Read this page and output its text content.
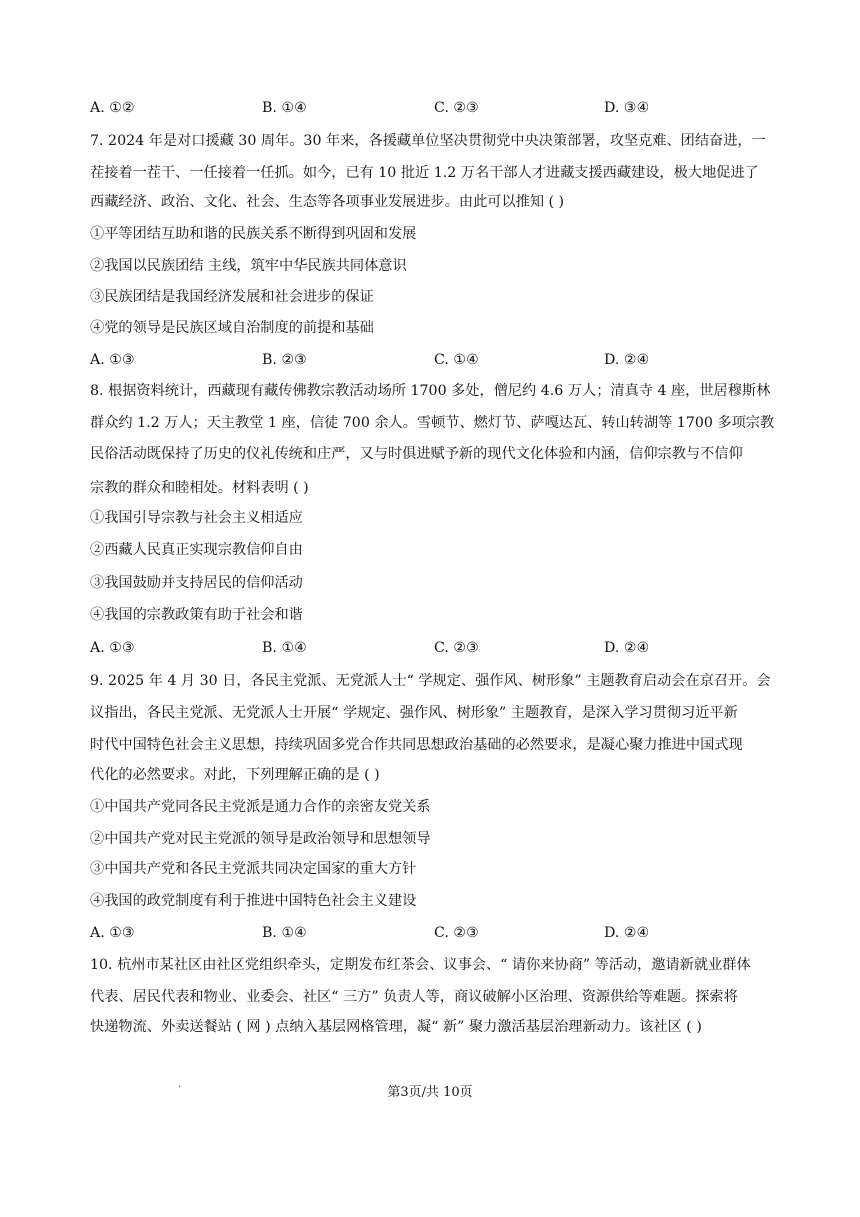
A. ①②	B. ①④	C. ②③	D. ③④
7. 2024 年是对口援藏 30 周年。30 年来，各援藏单位坚决贯彻党中央决策部署，攻坚克难、团结奋进，一
茬接着一茬干、一任接着一任抓。如今，已有 10 批近 1.2 万名干部人才进藏支援西藏建设，极大地促进了
西藏经济、政治、文化、社会、生态等各项事业发展进步。由此可以推知 ( )
①平等团结互助和谐的民族关系不断得到巩固和发展
②我国以民族团结 主线，筑牢中华民族共同体意识
③民族团结是我国经济发展和社会进步的保证
④党的领导是民族区域自治制度的前提和基础
A. ①③	B. ②③	C. ①④	D. ②④
8. 根据资料统计，西藏现有藏传佛教宗教活动场所 1700 多处，僧尼约 4.6 万人；清真寺 4 座，世居穆斯林
群众约 1.2 万人；天主教堂 1 座，信徒 700 余人。雪顿节、燃灯节、萨嘎达瓦、转山转湖等 1700 多项宗教
民俗活动既保持了历史的仪礼传统和庄严，又与时俱进赋予新的现代文化体验和内涵，信仰宗教与不信仰
宗教的群众和睦相处。材料表明 ( )
①我国引导宗教与社会主义相适应
②西藏人民真正实现宗教信仰自由
③我国鼓励并支持居民的信仰活动
④我国的宗教政策有助于社会和谐
A. ①③	B. ①④	C. ②③	D. ②④
9. 2025 年 4 月 30 日，各民主党派、无党派人士“ 学规定、强作风、树形象” 主题教育启动会在京召开。会
议指出，各民主党派、无党派人士开展“ 学规定、强作风、树形象” 主题教育，是深入学习贯彻习近平新
时代中国特色社会主义思想，持续巩固多党合作共同思想政治基础的必然要求，是凝心聚力推进中国式现
代化的必然要求。对此，下列理解正确的是 ( )
①中国共产党同各民主党派是通力合作的亲密友党关系
②中国共产党对民主党派的领导是政治领导和思想领导
③中国共产党和各民主党派共同决定国家的重大方针
④我国的政党制度有利于推进中国特色社会主义建设
A. ①③	B. ①④	C. ②③	D. ②④
10. 杭州市某社区由社区党组织牵头，定期发布红茶会、议事会、“ 请你来协商” 等活动，邀请新就业群体
代表、居民代表和物业、业委会、社区“ 三方” 负责人等，商议破解小区治理、资源供给等难题。探索将
快递物流、外卖送餐站 ( 网 ) 点纳入基层网格管理，凝“ 新” 聚力激活基层治理新动力。该社区 ( )
·	第3页/共 10页
